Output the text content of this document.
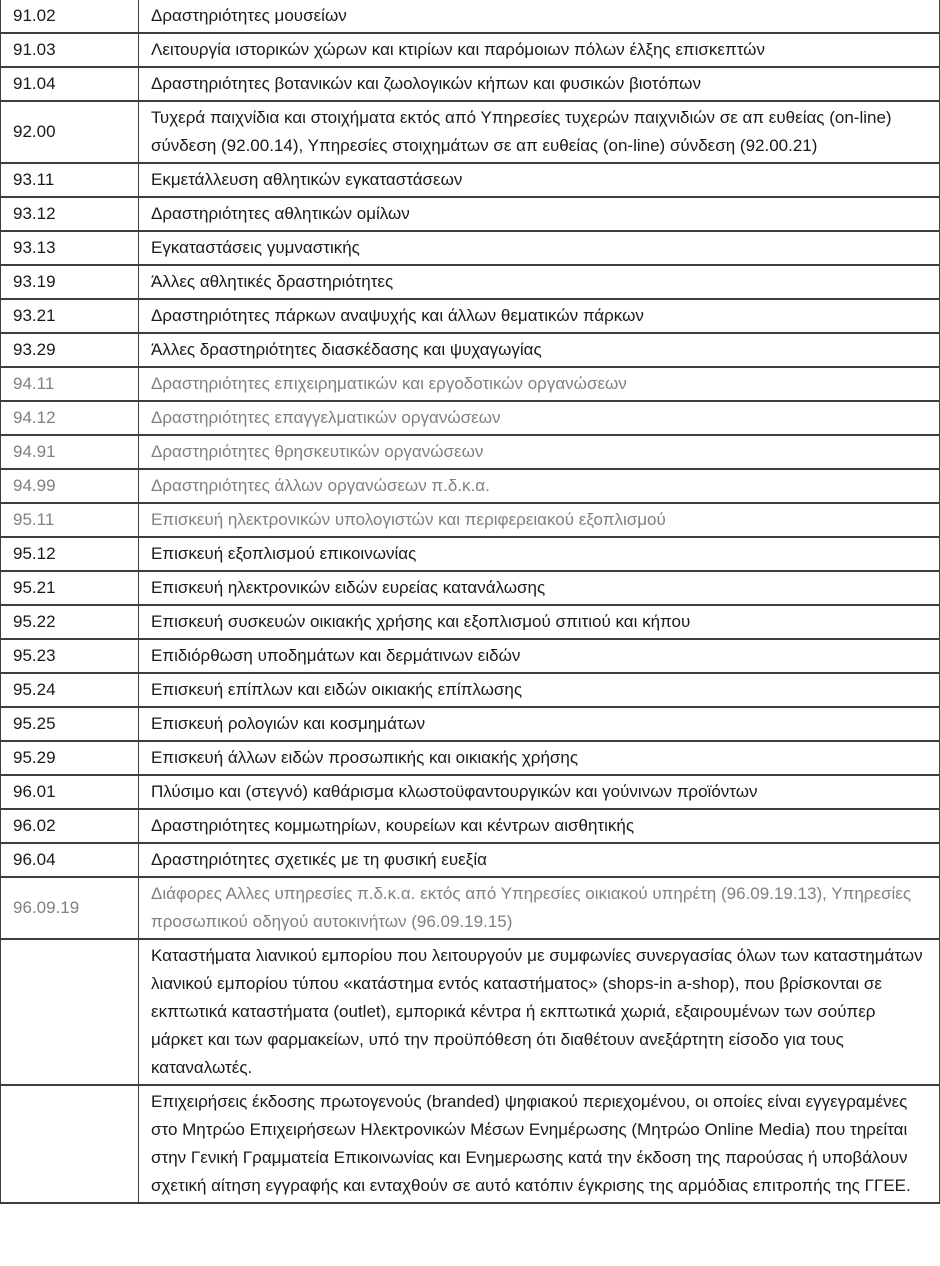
91.02	Δραστηριότητες μουσείων
91.03	Λειτουργία ιστορικών χώρων και κτιρίων και παρόμοιων πόλων έλξης επισκεπτών
91.04	Δραστηριότητες βοτανικών και ζωολογικών κήπων και φυσικών βιοτόπων
92.00	Τυχερά παιχνίδια και στοιχήματα εκτός από Υπηρεσίες τυχερών παιχνιδιών σε απ ευθείας (on-line) σύνδεση (92.00.14), Υπηρεσίες στοιχημάτων σε απ ευθείας (on-line) σύνδεση (92.00.21)
93.11	Εκμετάλλευση αθλητικών εγκαταστάσεων
93.12	Δραστηριότητες αθλητικών ομίλων
93.13	Εγκαταστάσεις γυμναστικής
93.19	Άλλες αθλητικές δραστηριότητες
93.21	Δραστηριότητες πάρκων αναψυχής και άλλων θεματικών πάρκων
93.29	Άλλες δραστηριότητες διασκέδασης και ψυχαγωγίας
94.11	Δραστηριότητες επιχειρηματικών και εργοδοτικών οργανώσεων
94.12	Δραστηριότητες επαγγελματικών οργανώσεων
94.91	Δραστηριότητες θρησκευτικών οργανώσεων
94.99	Δραστηριότητες άλλων οργανώσεων π.δ.κ.α.
95.11	Επισκευή ηλεκτρονικών υπολογιστών και περιφερειακού εξοπλισμού
95.12	Επισκευή εξοπλισμού επικοινωνίας
95.21	Επισκευή ηλεκτρονικών ειδών ευρείας κατανάλωσης
95.22	Επισκευή συσκευών οικιακής χρήσης και εξοπλισμού σπιτιού και κήπου
95.23	Επιδιόρθωση υποδημάτων και δερμάτινων ειδών
95.24	Επισκευή επίπλων και ειδών οικιακής επίπλωσης
95.25	Επισκευή ρολογιών και κοσμημάτων
95.29	Επισκευή άλλων ειδών προσωπικής και οικιακής χρήσης
96.01	Πλύσιμο και (στεγνό) καθάρισμα κλωστοϋφαντουργικών και γούνινων προϊόντων
96.02	Δραστηριότητες κομμωτηρίων, κουρείων και κέντρων αισθητικής
96.04	Δραστηριότητες σχετικές με τη φυσική ευεξία
96.09.19	Διάφορες Αλλες υπηρεσίες π.δ.κ.α. εκτός από Υπηρεσίες οικιακού υπηρέτη (96.09.19.13), Υπηρεσίες προσωπικού οδηγού αυτοκινήτων (96.09.19.15)
	Καταστήματα λιανικού εμπορίου που λειτουργούν με συμφωνίες συνεργασίας όλων των καταστημάτων λιανικού εμπορίου τύπου «κατάστημα εντός καταστήματος» (shops-in a-shop), που βρίσκονται σε εκπτωτικά καταστήματα (outlet), εμπορικά κέντρα ή εκπτωτικά χωριά, εξαιρουμένων των σούπερ μάρκετ και των φαρμακείων, υπό την προϋπόθεση ότι διαθέτουν ανεξάρτητη είσοδο για τους καταναλωτές.
	Επιχειρήσεις έκδοσης πρωτογενούς (branded) ψηφιακού περιεχομένου, οι οποίες είναι εγγεγραμένες στο Μητρώο Επιχειρήσεων Ηλεκτρονικών Μέσων Ενημέρωσης (Μητρώο Online Media) που τηρείται στην Γενική Γραμματεία Επικοινωνίας και Ενημερωσης κατά την έκδοση της παρούσας ή υποβάλουν σχετική αίτηση εγγραφής και ενταχθούν σε αυτό κατόπιν έγκρισης της αρμόδιας επιτροπής της ΓΓΕΕ.
